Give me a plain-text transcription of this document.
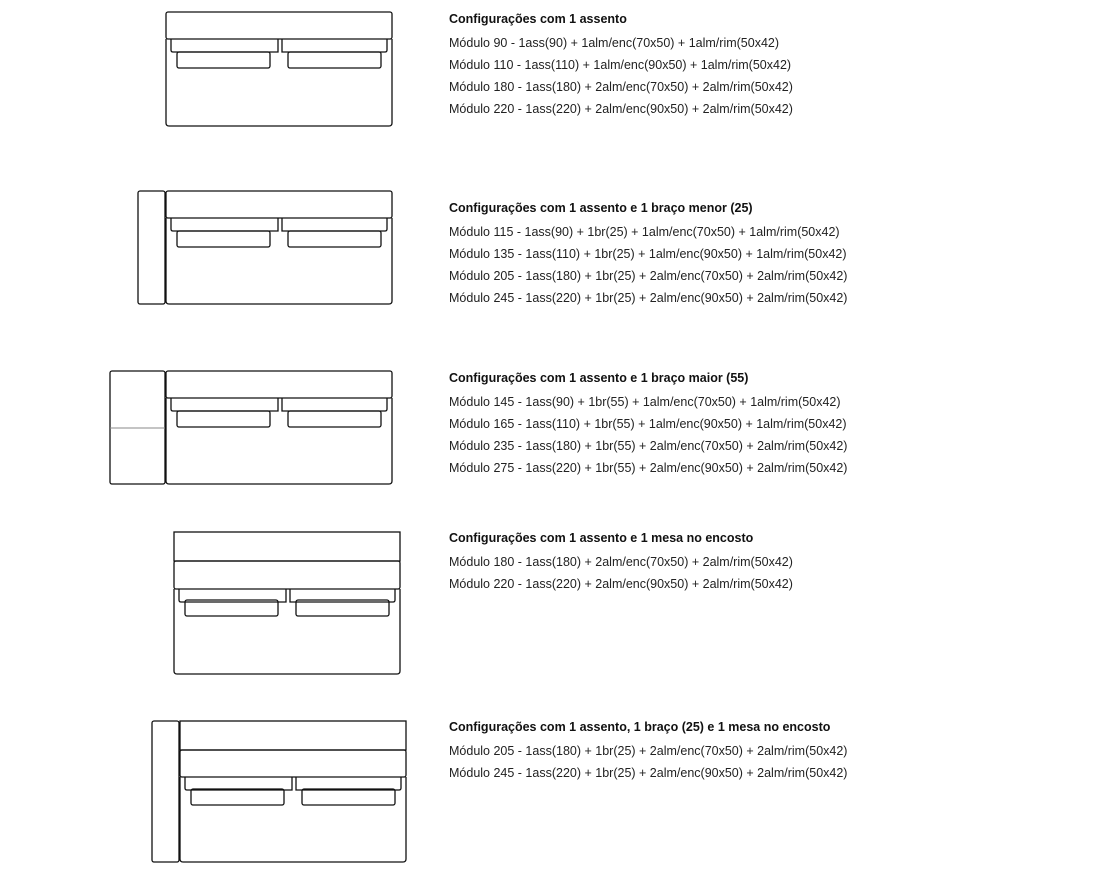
Configurações com 1 assento
Módulo 90 - 1ass(90) + 1alm/enc(70x50) + 1alm/rim(50x42)
Módulo 110 - 1ass(110) + 1alm/enc(90x50) + 1alm/rim(50x42)
Módulo 180 - 1ass(180) + 2alm/enc(70x50) + 2alm/rim(50x42)
Módulo 220 - 1ass(220) + 2alm/enc(90x50) + 2alm/rim(50x42)
Configurações com 1 assento e 1 braço menor (25)
Módulo 115 - 1ass(90) + 1br(25) + 1alm/enc(70x50) + 1alm/rim(50x42)
Módulo 135 - 1ass(110) + 1br(25) + 1alm/enc(90x50) + 1alm/rim(50x42)
Módulo 205 - 1ass(180) + 1br(25) + 2alm/enc(70x50) + 2alm/rim(50x42)
Módulo 245 - 1ass(220) + 1br(25) + 2alm/enc(90x50) + 2alm/rim(50x42)
Configurações com 1 assento e 1 braço maior (55)
Módulo 145 - 1ass(90) + 1br(55) + 1alm/enc(70x50) + 1alm/rim(50x42)
Módulo 165 - 1ass(110) + 1br(55) + 1alm/enc(90x50) + 1alm/rim(50x42)
Módulo 235 - 1ass(180) + 1br(55) + 2alm/enc(70x50) + 2alm/rim(50x42)
Módulo 275 - 1ass(220) + 1br(55) + 2alm/enc(90x50) + 2alm/rim(50x42)
Configurações com 1 assento e 1 mesa no encosto
Módulo 180 - 1ass(180) + 2alm/enc(70x50) + 2alm/rim(50x42)
Módulo 220 - 1ass(220) + 2alm/enc(90x50) + 2alm/rim(50x42)
Configurações com 1 assento, 1 braço (25) e 1 mesa no encosto
Módulo 205 - 1ass(180) + 1br(25) + 2alm/enc(70x50) + 2alm/rim(50x42)
Módulo 245 - 1ass(220) + 1br(25) + 2alm/enc(90x50) + 2alm/rim(50x42)
